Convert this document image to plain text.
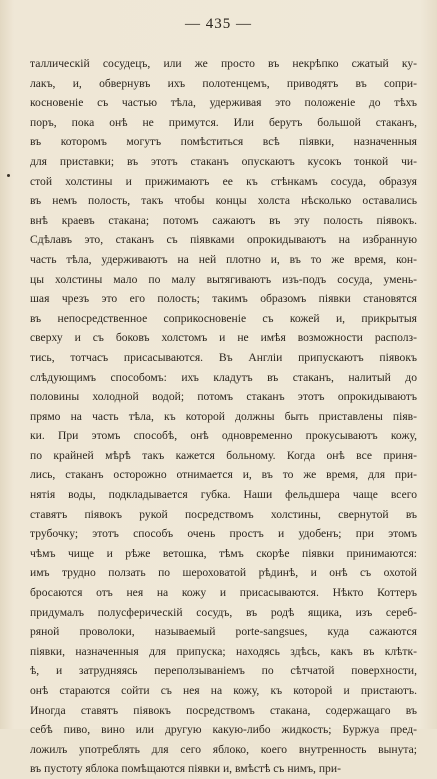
— 435 —
таллическій сосудецъ, или же просто въ некрѣпко сжатый ку-
лакъ, и, обвернувъ ихъ полотенцемъ, приводятъ въ сопри-
косновеніе съ частью тѣла, удерживая это положеніе до тѣхъ
поръ, пока онѣ не примутся. Или берутъ большой стаканъ,
въ которомъ могутъ помѣститься всѣ піявки, назначенныя
для приставки; въ этотъ стаканъ опускаютъ кусокъ тонкой чи-
стой холстины и прижимаютъ ее къ стѣнкамъ сосуда, образуя
въ немъ полость, такъ чтобы концы холста нѣсколько оставались
внѣ краевъ стакана; потомъ сажаютъ въ эту полость піявокъ.
Сдѣлавъ это, стаканъ съ піявками опрокидываютъ на избранную
часть тѣла, удерживаютъ на ней плотно и, въ то же время, кон-
цы холстины мало по малу вытягиваютъ изъ-подъ сосуда, умень-
шая чрезъ это его полость; такимъ образомъ піявки становятся
въ непосредственное соприкосновеніе съ кожей и, прикрытыя
сверху и съ боковъ холстомъ и не имѣя возможности располз-
тись, тотчасъ присасываются. Въ Англіи припускаютъ піявокъ
слѣдующимъ способомъ: ихъ кладутъ въ стаканъ, налитый до
половины холодной водой; потомъ стаканъ этотъ опрокидываютъ
прямо на часть тѣла, къ которой должны быть приставлены піяв-
ки. При этомъ способѣ, онѣ одновременно прокусываютъ кожу,
по крайней мѣрѣ такъ кажется больному. Когда онѣ все приня-
лись, стаканъ осторожно отнимается и, въ то же время, для при-
нятія воды, подкладывается губка. Наши фельдшера чаще всего
ставятъ піявокъ рукой посредствомъ холстины, свернутой въ
трубочку; этотъ способъ очень простъ и удобенъ; при этомъ
чѣмъ чище и рѣже ветошка, тѣмъ скорѣе піявки принимаются:
имъ трудно ползать по шероховатой рѣдинѣ, и онѣ съ охотой
бросаются отъ нея на кожу и присасываются. Нѣкто Коттеръ
придумалъ полусферическій сосудъ, въ родѣ ящика, изъ сереб-
ряной проволоки, называемый porte-sangsues, куда сажаются
піявки, назначенныя для припуска; находясь здѣсь, какъ въ клѣтк-
ѣ, и затрудняясь переползываніемъ по сѣтчатой поверхности,
онѣ стараются сойти съ нея на кожу, къ которой и пристаютъ.
Иногда ставятъ піявокъ посредствомъ стакана, содержащаго въ
себѣ пиво, вино или другую какую-либо жидкость; Буржуа пред-
ложилъ употреблять для сего яблоко, коего внутренность вынута;
въ пустоту яблока помѣщаются піявки и, вмѣстѣ съ нимъ, при-
